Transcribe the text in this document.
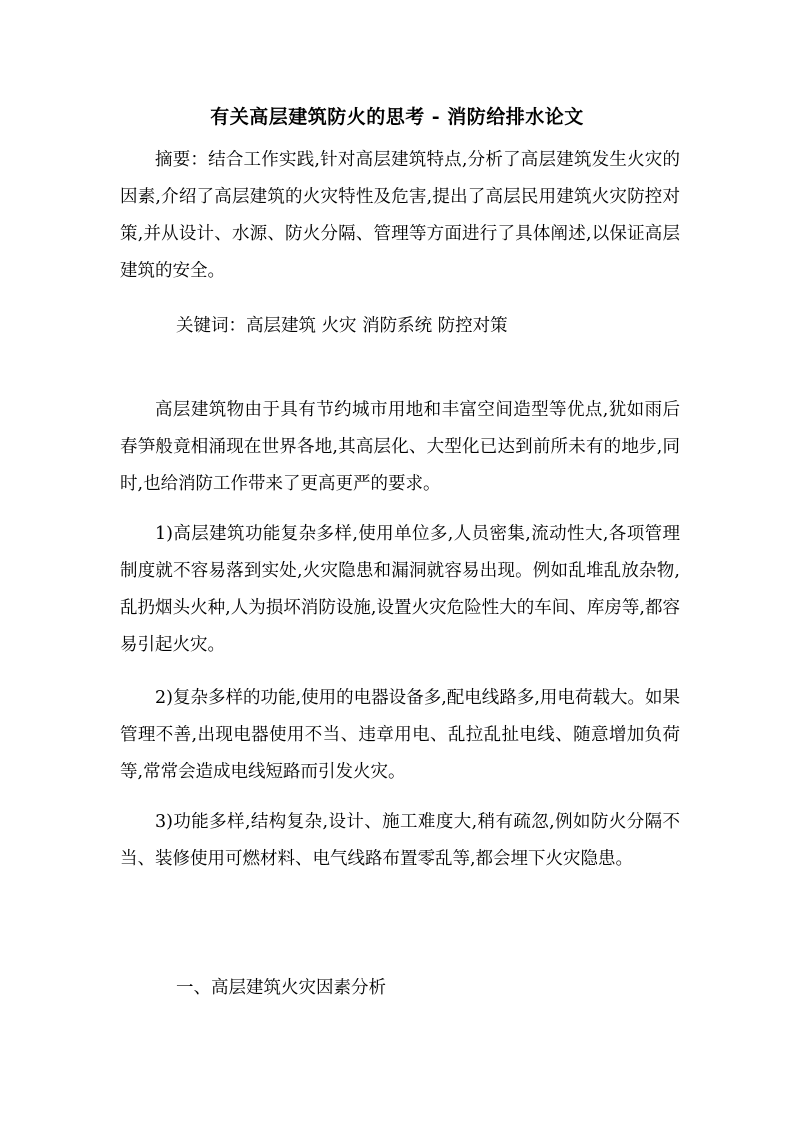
有关高层建筑防火的思考 - 消防给排水论文
摘要：结合工作实践,针对高层建筑特点,分析了高层建筑发生火灾的因素,介绍了高层建筑的火灾特性及危害,提出了高层民用建筑火灾防控对策,并从设计、水源、防火分隔、管理等方面进行了具体阐述,以保证高层建筑的安全。
关键词：高层建筑 火灾 消防系统 防控对策
高层建筑物由于具有节约城市用地和丰富空间造型等优点,犹如雨后春笋般竟相涌现在世界各地,其高层化、大型化已达到前所未有的地步,同时,也给消防工作带来了更高更严的要求。
1)高层建筑功能复杂多样,使用单位多,人员密集,流动性大,各项管理制度就不容易落到实处,火灾隐患和漏洞就容易出现。例如乱堆乱放杂物,乱扔烟头火种,人为损坏消防设施,设置火灾危险性大的车间、库房等,都容易引起火灾。
2)复杂多样的功能,使用的电器设备多,配电线路多,用电荷载大。如果管理不善,出现电器使用不当、违章用电、乱拉乱扯电线、随意增加负荷等,常常会造成电线短路而引发火灾。
3)功能多样,结构复杂,设计、施工难度大,稍有疏忽,例如防火分隔不当、装修使用可燃材料、电气线路布置零乱等,都会埋下火灾隐患。
一、高层建筑火灾因素分析
